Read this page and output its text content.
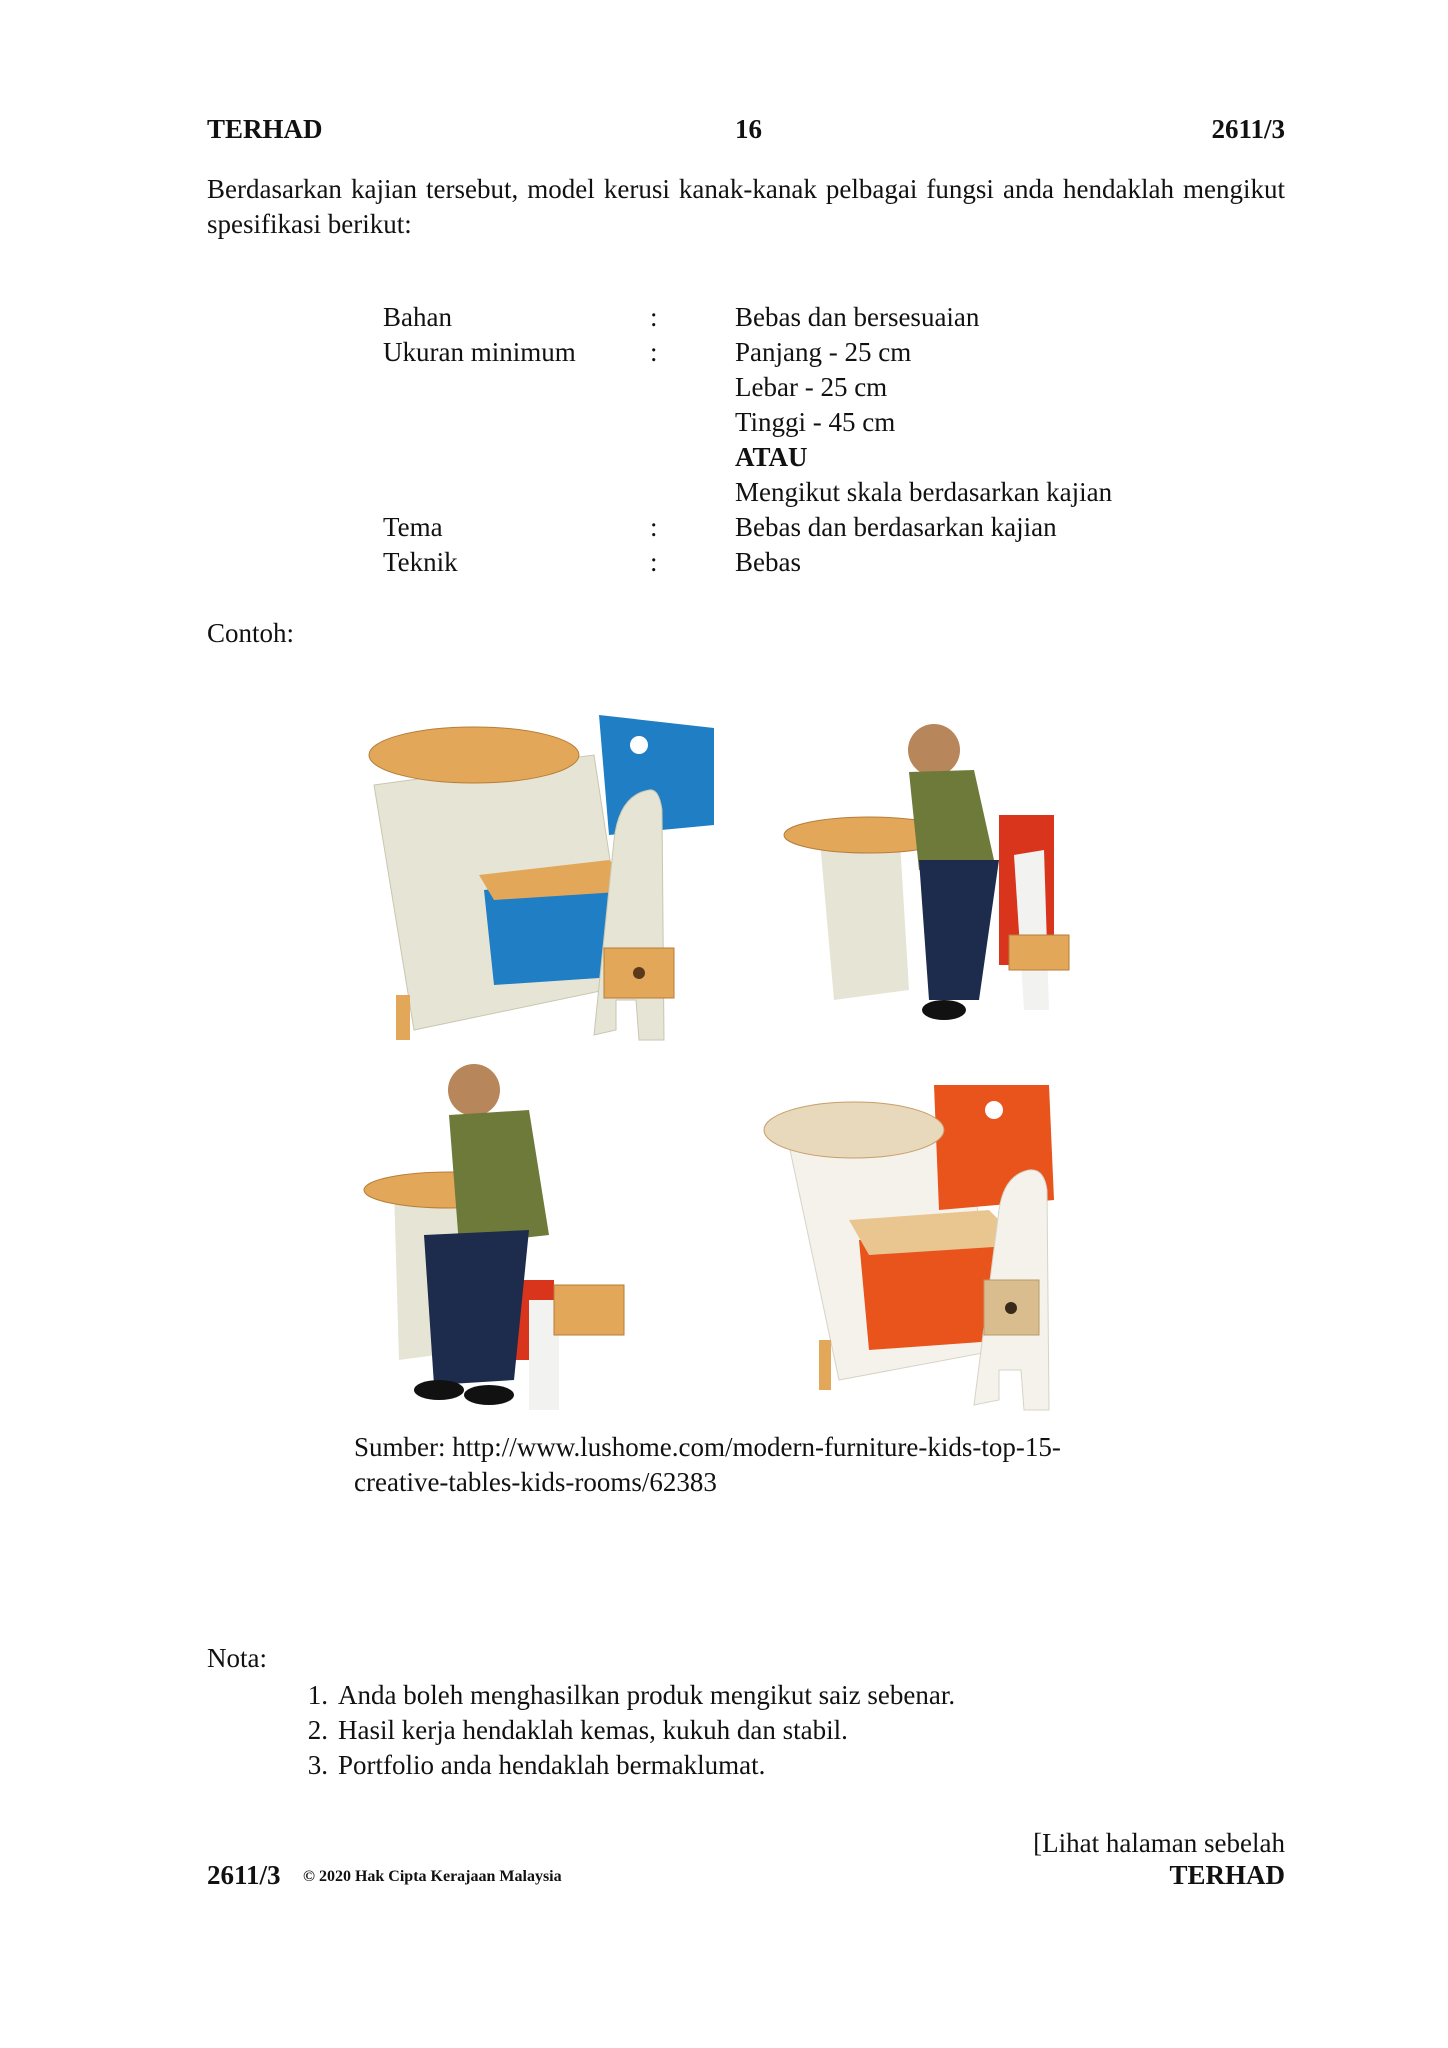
TERHAD	16	2611/3

Berdasarkan kajian tersebut, model kerusi kanak-kanak pelbagai fungsi anda hendaklah mengikut spesifikasi berikut:

Bahan	:	Bebas dan bersesuaian
Ukuran minimum	:	Panjang - 25 cm
Lebar - 25 cm
Tinggi - 45 cm
ATAU
Mengikut skala berdasarkan kajian
Tema	:	Bebas dan berdasarkan kajian
Teknik	:	Bebas
Contoh:
Sumber: http://www.lushome.com/modern-furniture-kids-top-15-
creative-tables-kids-rooms/62383
Nota:
1. Anda boleh menghasilkan produk mengikut saiz sebenar.
2. Hasil kerja hendaklah kemas, kukuh dan stabil.
3. Portfolio anda hendaklah bermaklumat.
[Lihat halaman sebelah
2611/3 © 2020 Hak Cipta Kerajaan Malaysia	TERHAD
